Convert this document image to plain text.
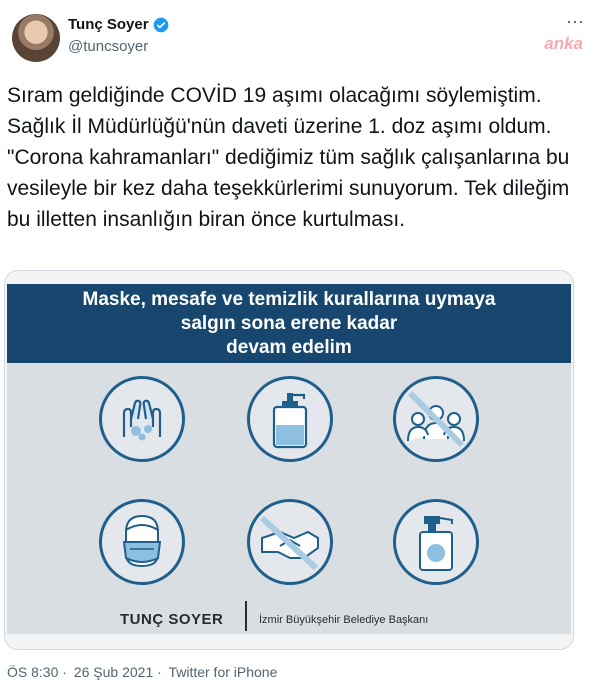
Tunç Soyer
@tuncsoyer
⋯
anka

Sıram geldiğinde COVİD 19 aşımı olacağımı söylemiştim. Sağlık İl Müdürlüğü'nün daveti üzerine 1. doz aşımı oldum. "Corona kahramanları" dediğimiz tüm sağlık çalışanlarına bu vesileyle bir kez daha teşekkürlerimi sunuyorum. Tek dileğim bu illetten insanlığın biran önce kurtulması.

Maske, mesafe ve temizlik kurallarına uymaya
salgın sona erene kadar
devam edelim
TUNÇ SOYER	İzmir Büyükşehir Belediye Başkanı
ÖS 8:30 · 26 Şub 2021 · Twitter for iPhone
